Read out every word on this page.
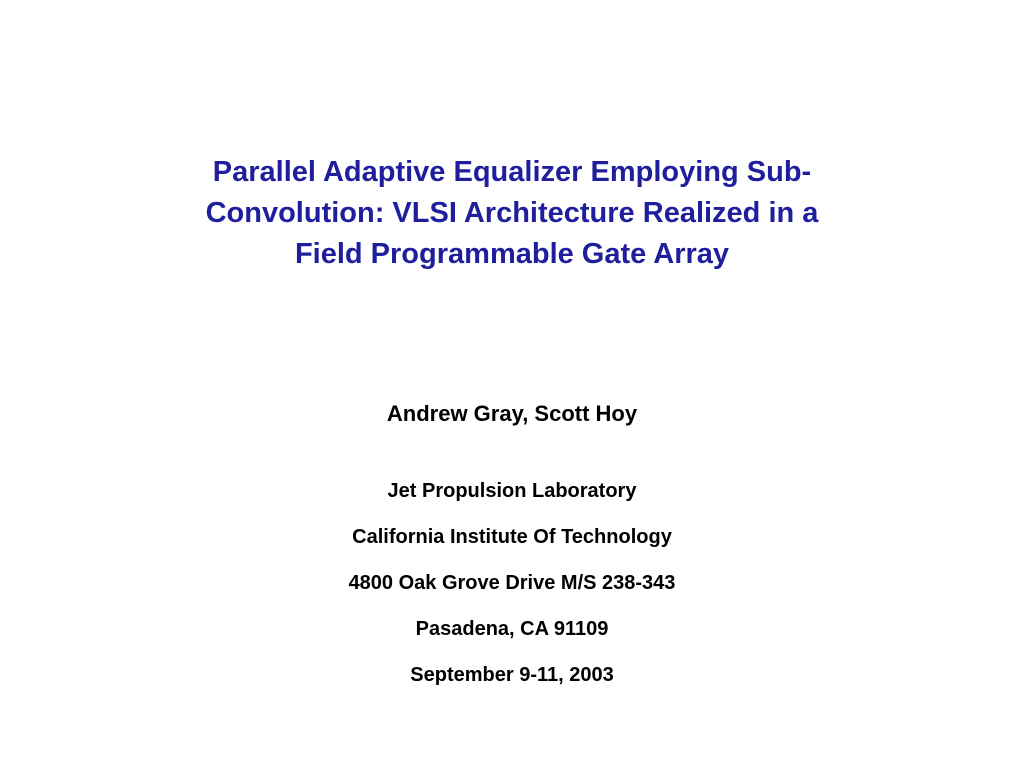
Parallel Adaptive Equalizer Employing Sub-
Convolution: VLSI Architecture Realized in a
Field Programmable Gate Array

Andrew Gray, Scott Hoy

Jet Propulsion Laboratory
California Institute Of Technology
4800 Oak Grove Drive M/S 238-343
Pasadena, CA 91109
September 9-11, 2003
